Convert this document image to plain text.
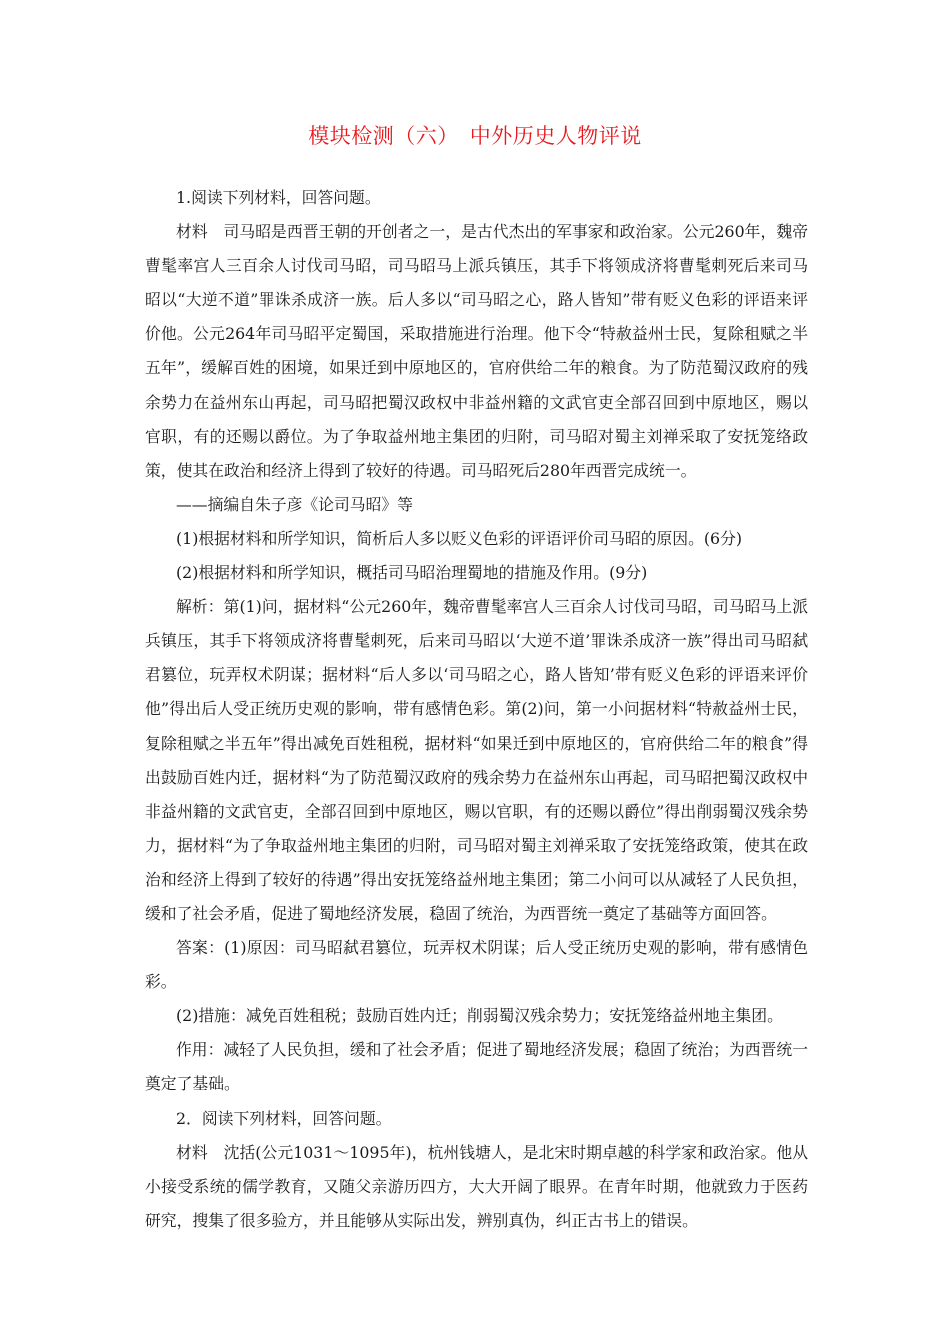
模块检测（六）　中外历史人物评说

1.阅读下列材料，回答问题。

材料　司马昭是西晋王朝的开创者之一，是古代杰出的军事家和政治家。公元260年，魏帝曹髦率宫人三百余人讨伐司马昭，司马昭马上派兵镇压，其手下将领成济将曹髦刺死后来司马昭以“大逆不道”罪诛杀成济一族。后人多以“司马昭之心，路人皆知”带有贬义色彩的评语来评价他。公元264年司马昭平定蜀国，采取措施进行治理。他下令“特赦益州士民，复除租赋之半五年”，缓解百姓的困境，如果迁到中原地区的，官府供给二年的粮食。为了防范蜀汉政府的残余势力在益州东山再起，司马昭把蜀汉政权中非益州籍的文武官吏全部召回到中原地区，赐以官职，有的还赐以爵位。为了争取益州地主集团的归附，司马昭对蜀主刘禅采取了安抚笼络政策，使其在政治和经济上得到了较好的待遇。司马昭死后280年西晋完成统一。

——摘编自朱子彦《论司马昭》等

(1)根据材料和所学知识，简析后人多以贬义色彩的评语评价司马昭的原因。(6分)

(2)根据材料和所学知识，概括司马昭治理蜀地的措施及作用。(9分)

解析：第(1)问，据材料“公元260年，魏帝曹髦率宫人三百余人讨伐司马昭，司马昭马上派兵镇压，其手下将领成济将曹髦刺死，后来司马昭以‘大逆不道’罪诛杀成济一族”得出司马昭弑君篡位，玩弄权术阴谋；据材料“后人多以‘司马昭之心，路人皆知’带有贬义色彩的评语来评价他”得出后人受正统历史观的影响，带有感情色彩。第(2)问，第一小问据材料“特赦益州士民，复除租赋之半五年”得出减免百姓租税，据材料“如果迁到中原地区的，官府供给二年的粮食”得出鼓励百姓内迁，据材料“为了防范蜀汉政府的残余势力在益州东山再起，司马昭把蜀汉政权中非益州籍的文武官吏，全部召回到中原地区，赐以官职，有的还赐以爵位”得出削弱蜀汉残余势力，据材料“为了争取益州地主集团的归附，司马昭对蜀主刘禅采取了安抚笼络政策，使其在政治和经济上得到了较好的待遇”得出安抚笼络益州地主集团；第二小问可以从减轻了人民负担，缓和了社会矛盾，促进了蜀地经济发展，稳固了统治，为西晋统一奠定了基础等方面回答。

答案：(1)原因：司马昭弑君篡位，玩弄权术阴谋；后人受正统历史观的影响，带有感情色彩。

(2)措施：减免百姓租税；鼓励百姓内迁；削弱蜀汉残余势力；安抚笼络益州地主集团。

作用：减轻了人民负担，缓和了社会矛盾；促进了蜀地经济发展；稳固了统治；为西晋统一奠定了基础。

2．阅读下列材料，回答问题。

材料　沈括(公元1031～1095年)，杭州钱塘人，是北宋时期卓越的科学家和政治家。他从小接受系统的儒学教育，又随父亲游历四方，大大开阔了眼界。在青年时期，他就致力于医药研究，搜集了很多验方，并且能够从实际出发，辨别真伪，纠正古书上的错误。
